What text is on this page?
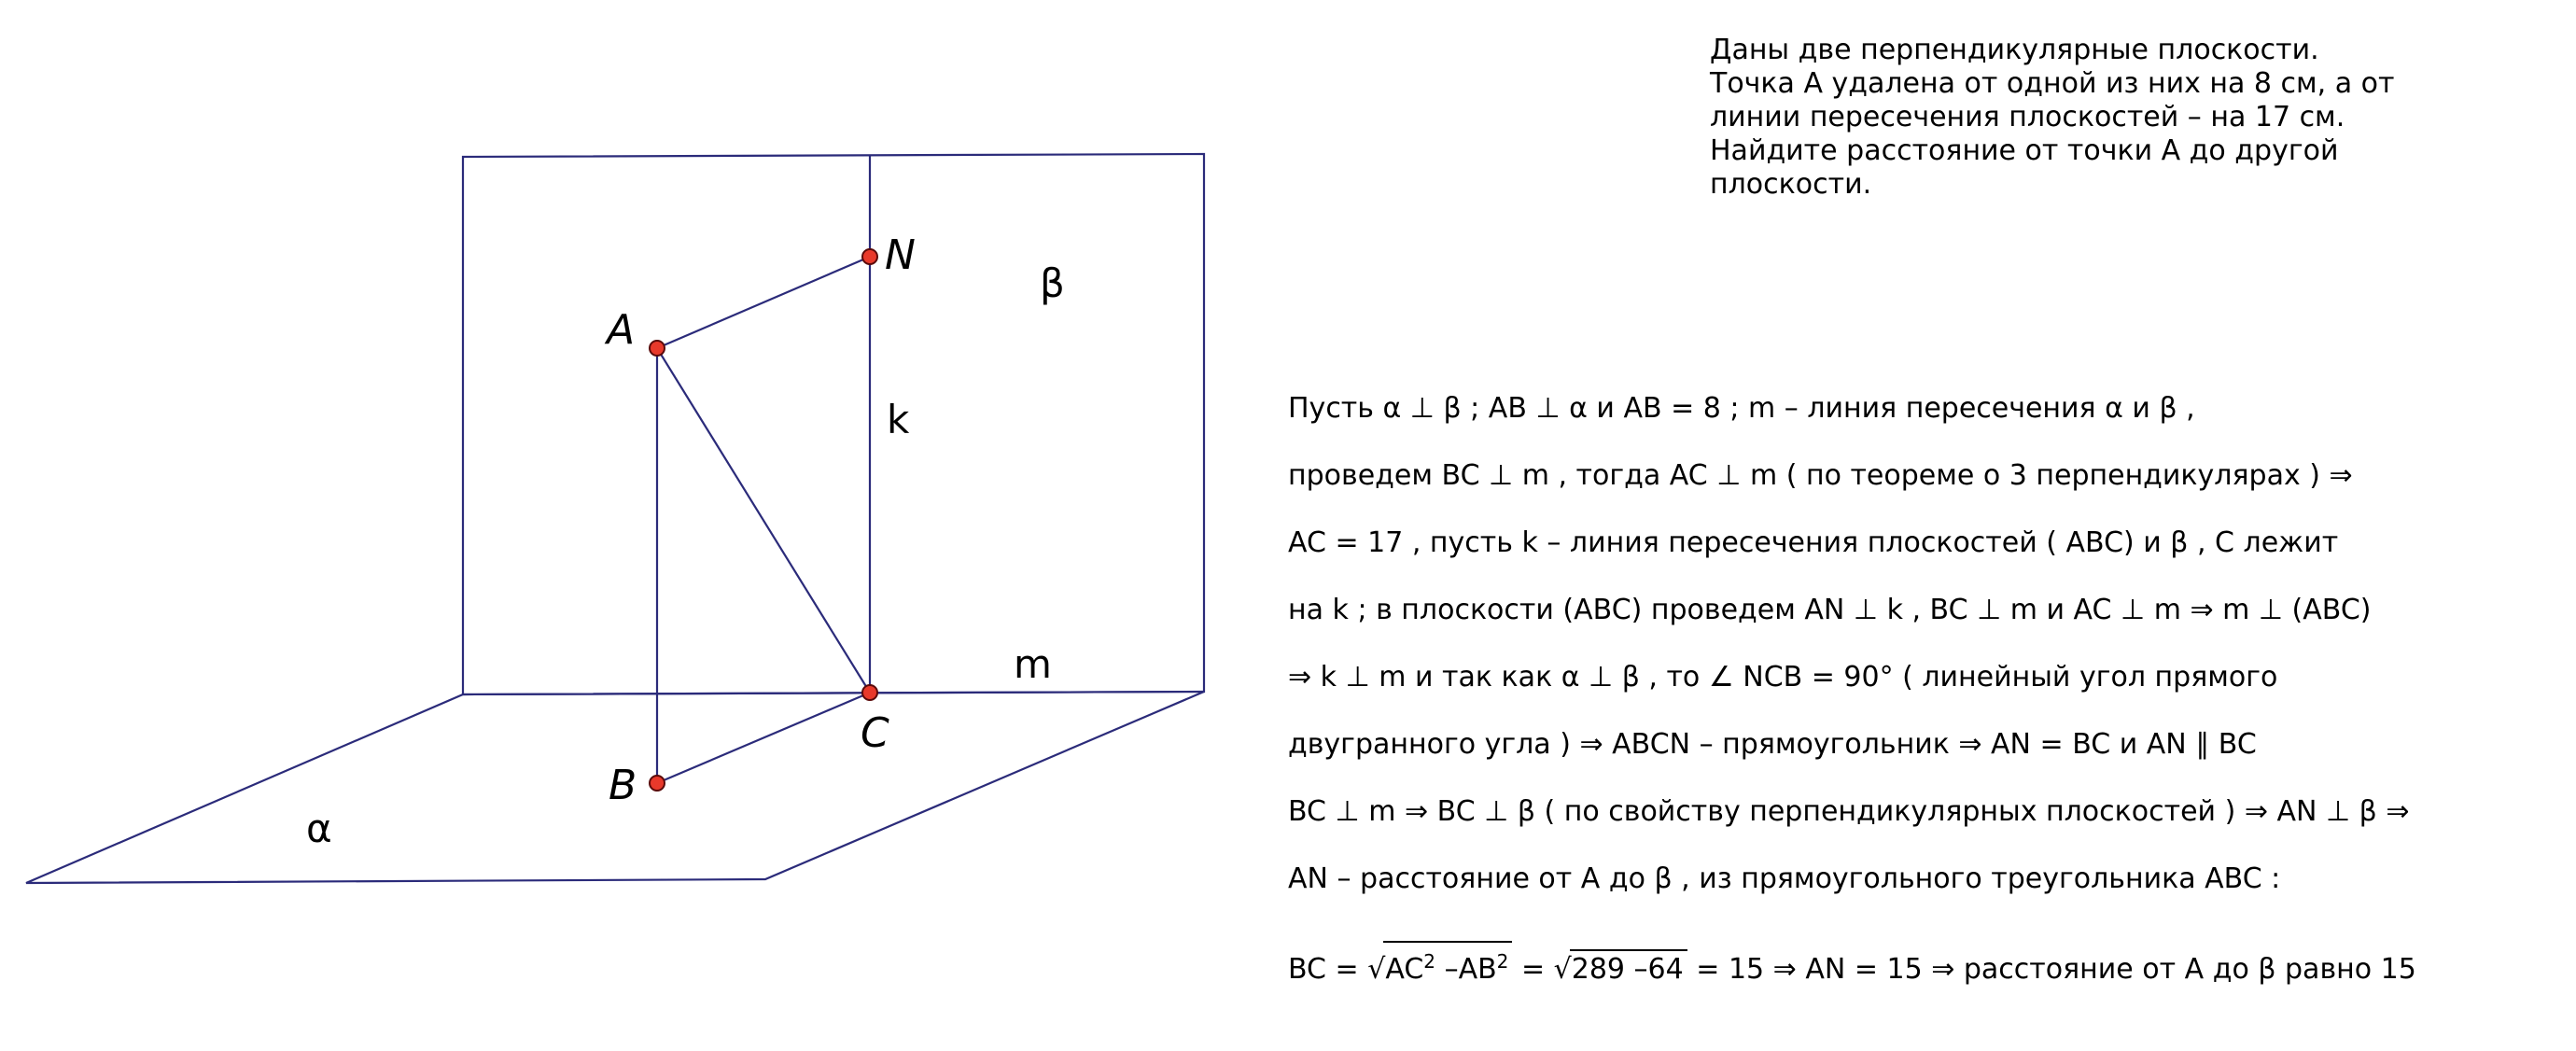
A
N
C
B
β
α
k
m
Даны две перпендикулярные плоскости.
Точка А удалена от одной из них на 8 см, а от
линии пересечения плоскостей – на 17 см.
Найдите расстояние от точки А до другой
плоскости.
Пусть α ⊥ β ; AB ⊥ α и AB = 8 ; m – линия пересечения α и β ,
проведем BC ⊥ m , тогда AC ⊥ m ( по теореме о 3 перпендикулярах ) ⇒
AC = 17 , пусть k – линия пересечения плоскостей ( ABC) и β , C лежит
на k ; в плоскости (ABC) проведем AN ⊥ k , BC ⊥ m и AC ⊥ m ⇒ m ⊥ (ABC)
⇒ k ⊥ m и так как α ⊥ β , то ∠ NCB = 90° ( линейный угол прямого
двугранного угла ) ⇒ ABCN – прямоугольник ⇒ AN = BC и AN ∥ BC
BC ⊥ m ⇒ BC ⊥ β ( по свойству перпендикулярных плоскостей ) ⇒ AN ⊥ β ⇒
AN – расстояние от A до β , из прямоугольного треугольника ABC :
BC = $√AC^2$ $-AB^2 = √289$ –64 = 15 ⇒ AN = 15 ⇒ расстояние от A до β равно 15
